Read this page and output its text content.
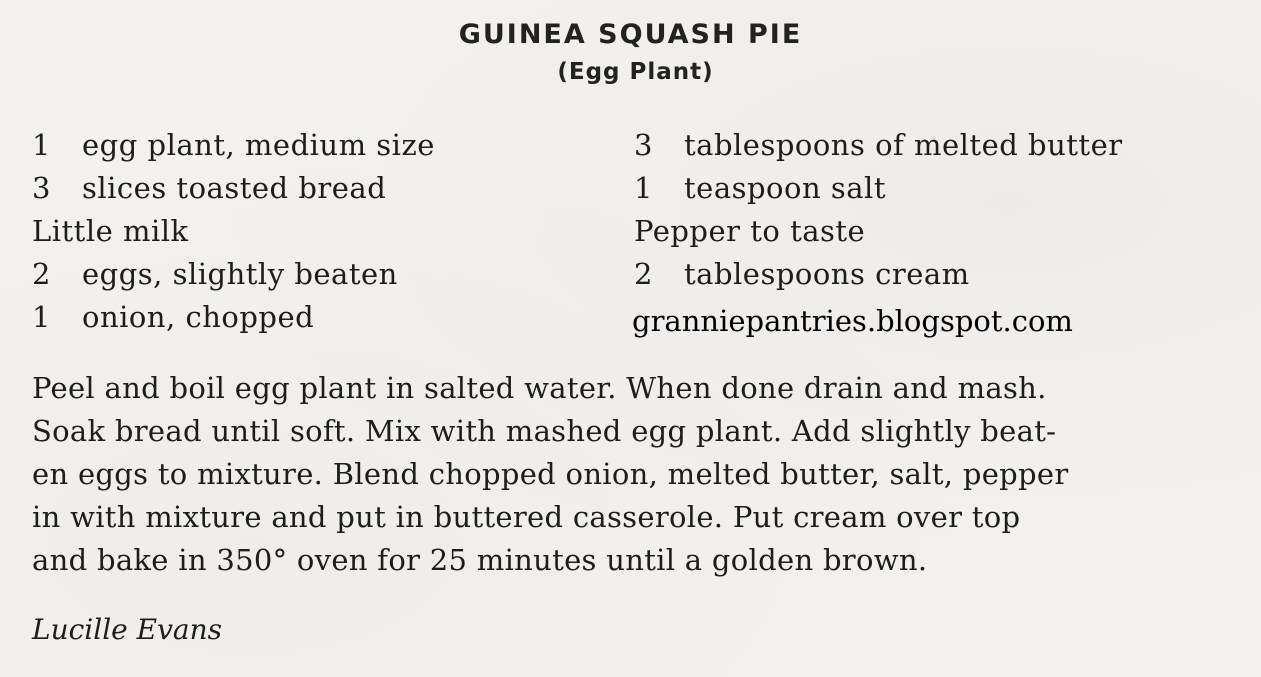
GUINEA SQUASH PIE
(Egg Plant)
1 egg plant, medium size
3 slices toasted bread
Little milk
2 eggs, slightly beaten
1 onion, chopped
3 tablespoons of melted butter
1 teaspoon salt
Pepper to taste
2 tablespoons cream
granniepantries.blogspot.com
Peel and boil egg plant in salted water. When done drain and mash.
Soak bread until soft. Mix with mashed egg plant. Add slightly beat-
en eggs to mixture. Blend chopped onion, melted butter, salt, pepper
in with mixture and put in buttered casserole. Put cream over top
and bake in 350° oven for 25 minutes until a golden brown.
Lucille Evans
